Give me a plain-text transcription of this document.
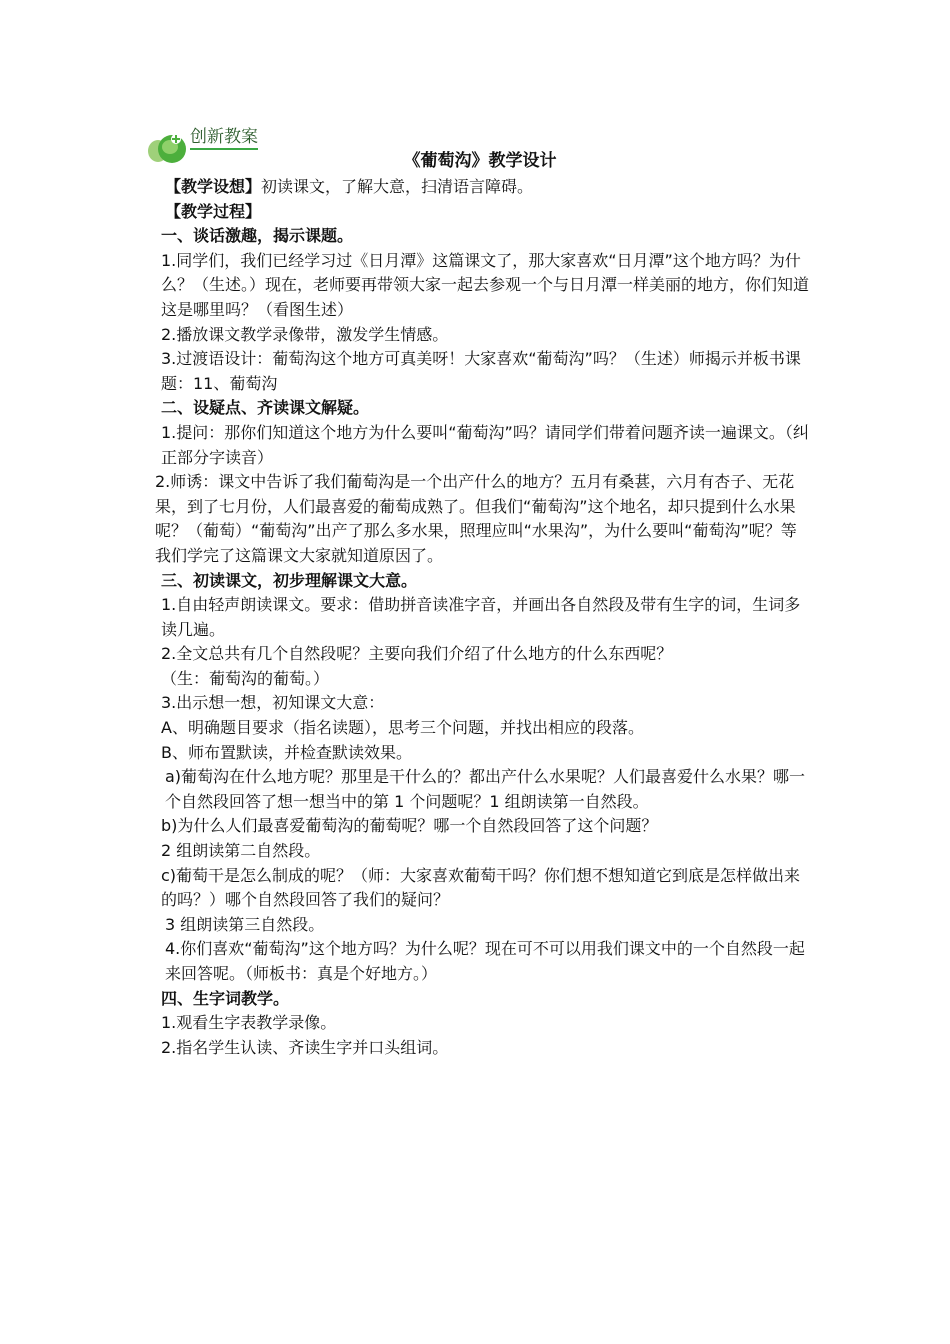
创新教案
《葡萄沟》教学设计

【教学设想】初读课文，了解大意，扫清语言障碍。

【教学过程】

一、谈话激趣，揭示课题。

1.同学们，我们已经学习过《日月潭》这篇课文了，那大家喜欢“日月潭”这个地方吗？为什么？（生述。）现在，老师要再带领大家一起去参观一个与日月潭一样美丽的地方，你们知道这是哪里吗？（看图生述）

2.播放课文教学录像带，激发学生情感。

3.过渡语设计：葡萄沟这个地方可真美呀！大家喜欢“葡萄沟”吗？（生述）师揭示并板书课题：11、葡萄沟

二、设疑点、齐读课文解疑。

1.提问：那你们知道这个地方为什么要叫“葡萄沟”吗？请同学们带着问题齐读一遍课文。（纠正部分字读音）

2.师诱：课文中告诉了我们葡萄沟是一个出产什么的地方？五月有桑葚，六月有杏子、无花果，到了七月份，人们最喜爱的葡萄成熟了。但我们“葡萄沟”这个地名，却只提到什么水果呢？（葡萄）“葡萄沟”出产了那么多水果，照理应叫“水果沟”，为什么要叫“葡萄沟”呢？等我们学完了这篇课文大家就知道原因了。

三、初读课文，初步理解课文大意。

1.自由轻声朗读课文。要求：借助拼音读准字音，并画出各自然段及带有生字的词，生词多读几遍。

2.全文总共有几个自然段呢？主要向我们介绍了什么地方的什么东西呢？

（生：葡萄沟的葡萄。）

3.出示想一想，初知课文大意：

A、明确题目要求（指名读题），思考三个问题，并找出相应的段落。

B、师布置默读，并检查默读效果。

a)葡萄沟在什么地方呢？那里是干什么的？都出产什么水果呢？人们最喜爱什么水果？哪一个自然段回答了想一想当中的第 1 个问题呢？1 组朗读第一自然段。

b)为什么人们最喜爱葡萄沟的葡萄呢？哪一个自然段回答了这个问题？

2 组朗读第二自然段。

c)葡萄干是怎么制成的呢？（师：大家喜欢葡萄干吗？你们想不想知道它到底是怎样做出来的吗？）哪个自然段回答了我们的疑问？

3 组朗读第三自然段。

4.你们喜欢“葡萄沟”这个地方吗？为什么呢？现在可不可以用我们课文中的一个自然段一起来回答呢。（师板书：真是个好地方。）

四、生字词教学。

1.观看生字表教学录像。

2.指名学生认读、齐读生字并口头组词。
